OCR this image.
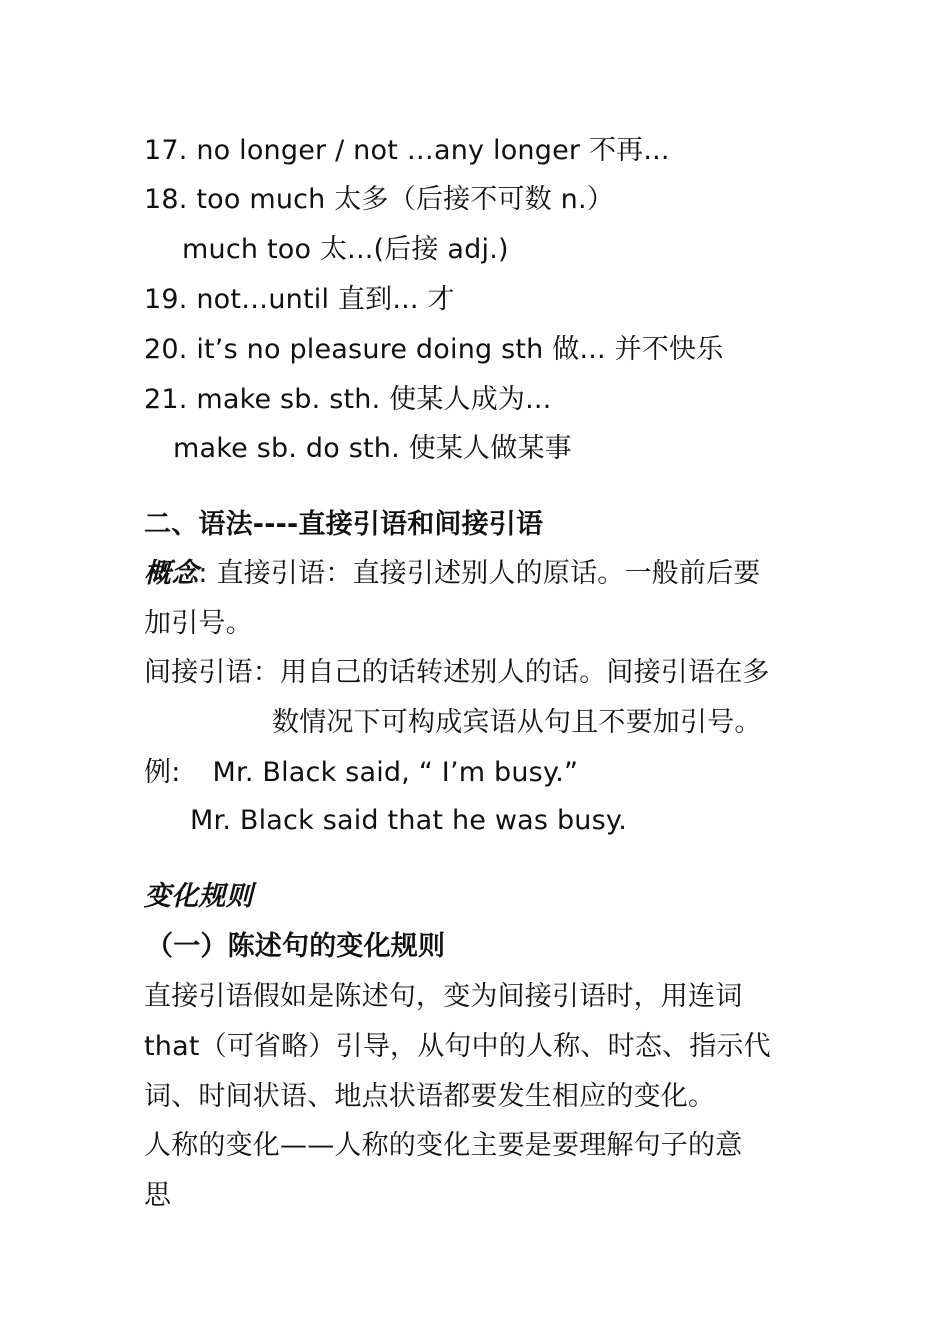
17. no longer / not …any longer 不再...
18. too much 太多（后接不可数 n.）
much too 太...(后接 adj.)
19. not…until 直到... 才
20. it’s no pleasure doing sth 做... 并不快乐
21. make sb. sth. 使某人成为...
make sb. do sth. 使某人做某事
二、语法----直接引语和间接引语
概念: 直接引语：直接引述别人的原话。一般前后要
加引号。
间接引语：用自己的话转述别人的话。间接引语在多
数情况下可构成宾语从句且不要加引号。
例: Mr. Black said, “ I’m busy.”
Mr. Black said that he was busy.
变化规则
（一）陈述句的变化规则
直接引语假如是陈述句，变为间接引语时，用连词
that（可省略）引导，从句中的人称、时态、指示代
词、时间状语、地点状语都要发生相应的变化。
人称的变化——人称的变化主要是要理解句子的意
思
